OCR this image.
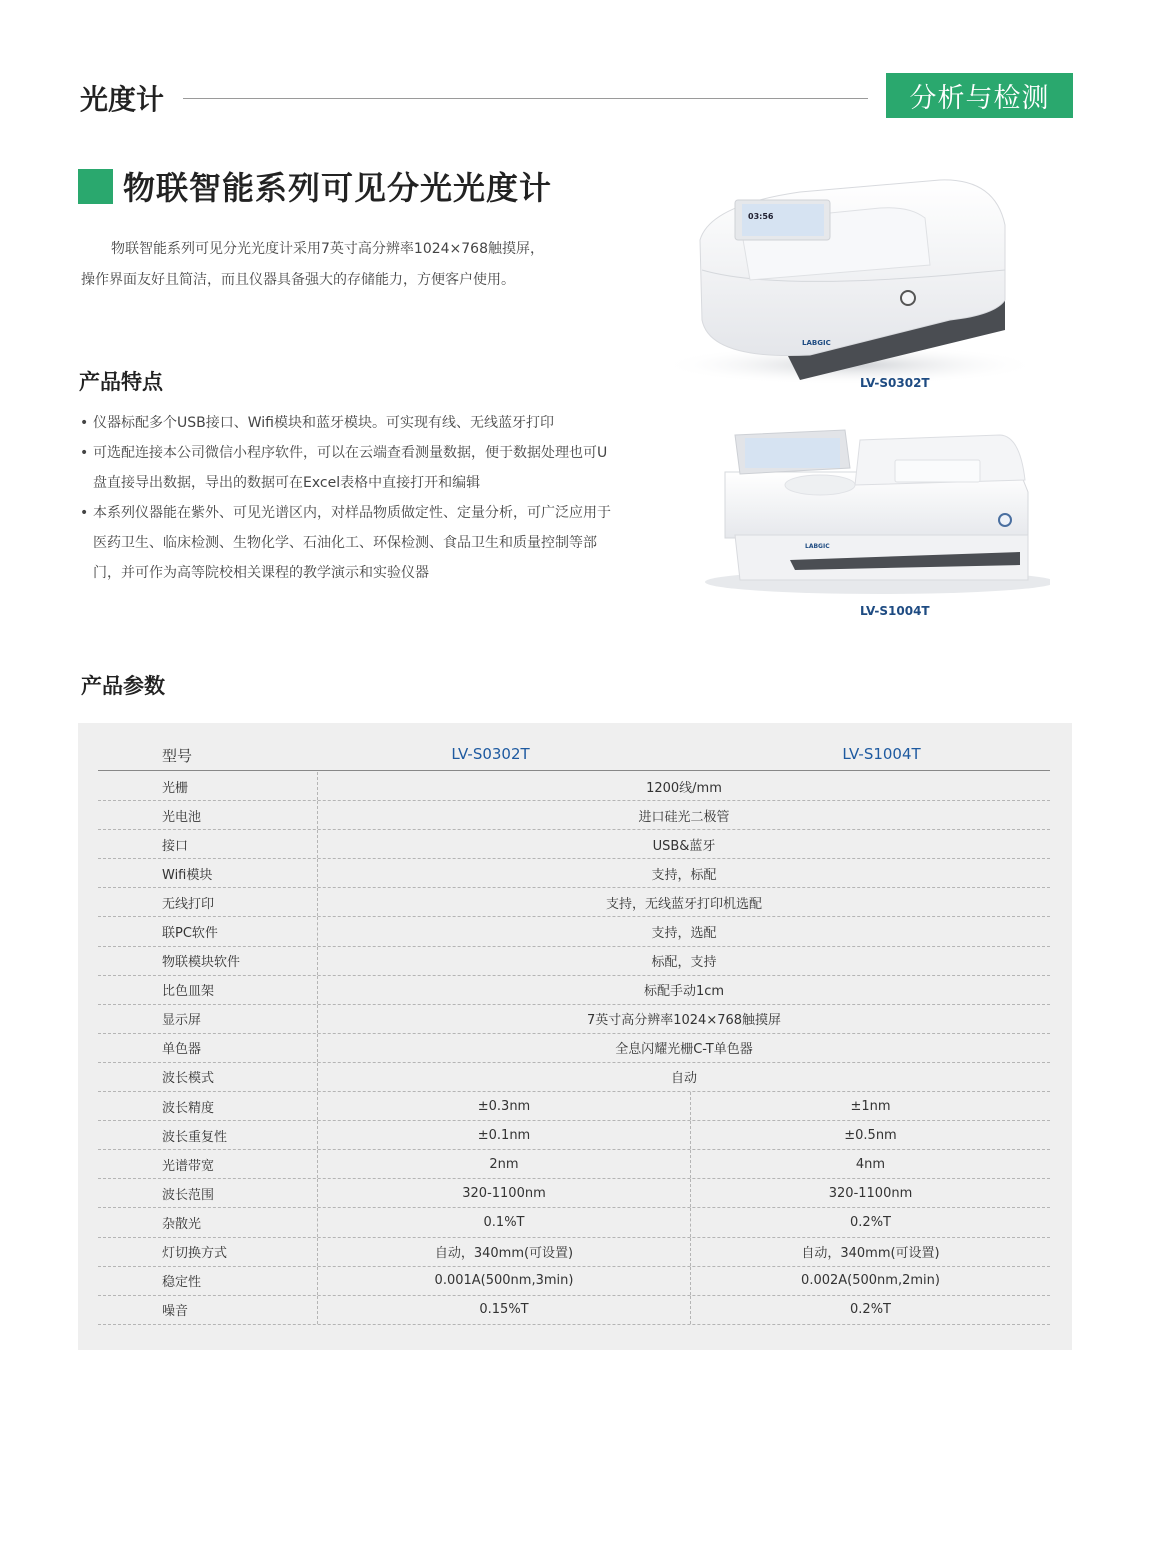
光度计	分析与检测
物联智能系列可见分光光度计

物联智能系列可见分光光度计采用7英寸高分辨率1024×768触摸屏，

操作界面友好且简洁，而且仪器具备强大的存储能力，方便客户使用。
产品特点
• 仪器标配多个USB接口、Wifi模块和蓝牙模块。可实现有线、无线蓝牙打印
• 可选配连接本公司微信小程序软件，可以在云端查看测量数据，便于数据处理也可U盘直接导出数据，导出的数据可在Excel表格中直接打开和编辑
• 本系列仪器能在紫外、可见光谱区内，对样品物质做定性、定量分析，可广泛应用于医药卫生、临床检测、生物化学、石油化工、环保检测、食品卫生和质量控制等部门，并可作为高等院校相关课程的教学演示和实验仪器
03:56
LABGIC
LV-S0302T
LABGIC
LV-S1004T
产品参数
型号	LV-S0302T	LV-S1004T
光栅	1200线/mm
光电池	进口硅光二极管
接口	USB&蓝牙
Wifi模块	支持，标配
无线打印	支持，无线蓝牙打印机选配
联PC软件	支持，选配
物联模块软件	标配，支持
比色皿架	标配手动1cm
显示屏	7英寸高分辨率1024×768触摸屏
单色器	全息闪耀光栅C-T单色器
波长模式	自动
波长精度	±0.3nm	±1nm
波长重复性	±0.1nm	±0.5nm
光谱带宽	2nm	4nm
波长范围	320-1100nm	320-1100nm
杂散光	0.1%T	0.2%T
灯切换方式	自动，340mm(可设置)	自动，340mm(可设置)
稳定性	0.001A(500nm,3min)	0.002A(500nm,2min)
噪音	0.15%T	0.2%T
